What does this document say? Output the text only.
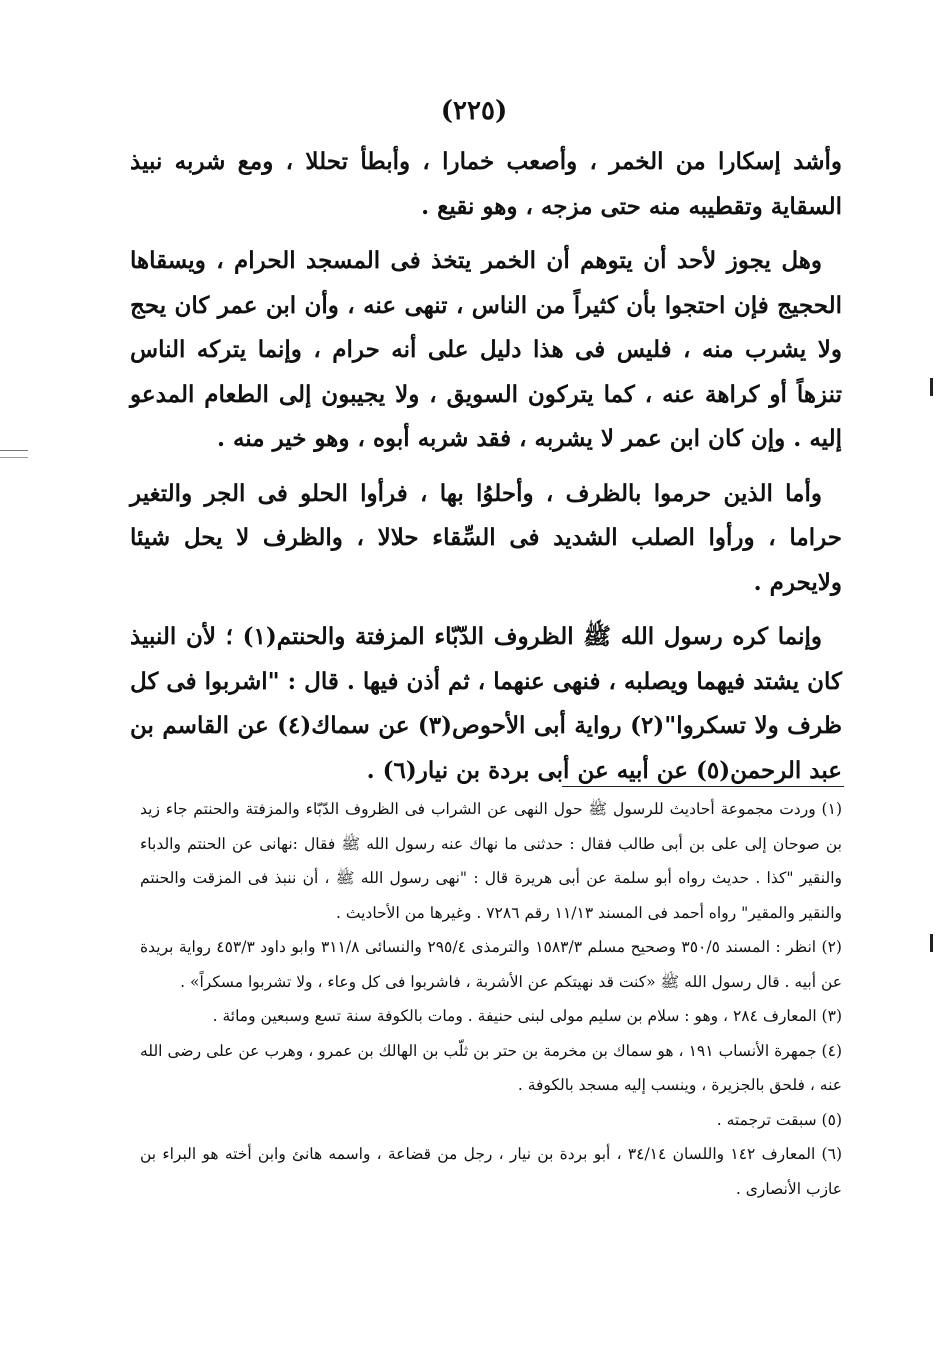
(٢٢٥)

وأشد إسكارا من الخمر ، وأصعب خمارا ، وأبطأ تحللا ، ومع شربه نبيذ السقاية وتقطيبه منه حتى مزجه ، وهو نقيع .

وهل يجوز لأحد أن يتوهم أن الخمر يتخذ فى المسجد الحرام ، ويسقاها الحجيج فإن احتجوا بأن كثيراً من الناس ، تنهى عنه ، وأن ابن عمر كان يحج ولا يشرب منه ، فليس فى هذا دليل على أنه حرام ، وإنما يتركه الناس تنزهاً أو كراهة عنه ، كما يتركون السويق ، ولا يجيبون إلى الطعام المدعو إليه . وإن كان ابن عمر لا يشربه ، فقد شربه أبوه ، وهو خير منه .

وأما الذين حرموا بالظرف ، وأحلوُا بها ، فرأوا الحلو فى الجر والتغير حراما ، ورأوا الصلب الشديد فى السِّقاء حلالا ، والظرف لا يحل شيئا ولايحرم .

وإنما كره رسول الله ﷺ الظروف الدّبّاء المزفتة والحنتم(١) ؛ لأن النبيذ كان يشتد فيهما ويصلبه ، فنهى عنهما ، ثم أذن فيها . قال : "اشربوا فى كل ظرف ولا تسكروا"(٢) رواية أبى الأحوص(٣) عن سماك(٤) عن القاسم بن عبد الرحمن(٥) عن أبيه عن أبى بردة بن نيار(٦) .

(١) وردت مجموعة أحاديث للرسول ﷺ حول النهى عن الشراب فى الظروف الدّبّاء والمزفتة والحنتم جاء زيد بن صوحان إلى على بن أبى طالب فقال : حدثنى ما نهاك عنه رسول الله ﷺ فقال :نهانى عن الحنتم والدباء والنقير "كذا . حديث رواه أبو سلمة عن أبى هريرة قال : "نهى رسول الله ﷺ ، أن ننبذ فى المزقت والحنتم والنقير والمقير" رواه أحمد فى المسند ١١/١٣ رقم ٧٢٨٦ . وغيرها من الأحاديث .

(٢) انظر : المسند ٣٥٠/٥ وصحيح مسلم ١٥٨٣/٣ والترمذى ٢٩٥/٤ والنسائى ٣١١/٨ وابو داود ٤٥٣/٣ رواية بريدة عن أبيه . قال رسول الله ﷺ «كنت قد نهيتكم عن الأشربة ، فاشربوا فى كل وعاء ، ولا تشربوا مسكراً» .

(٣) المعارف ٢٨٤ ، وهو : سلام بن سليم مولى لبنى حنيفة . ومات بالكوفة سنة تسع وسبعين ومائة .

(٤) جمهرة الأنساب ١٩١ ، هو سماك بن مخرمة بن حتر بن ثلّب بن الهالك بن عمرو ، وهرب عن على رضى الله عنه ، فلحق بالجزيرة ، وينسب إليه مسجد بالكوفة .

(٥) سبقت ترجمته .

(٦) المعارف ١٤٢ واللسان ٣٤/١٤ ، أبو بردة بن نيار ، رجل من قضاعة ، واسمه هانئ وابن أخته هو البراء بن عازب الأنصارى .
